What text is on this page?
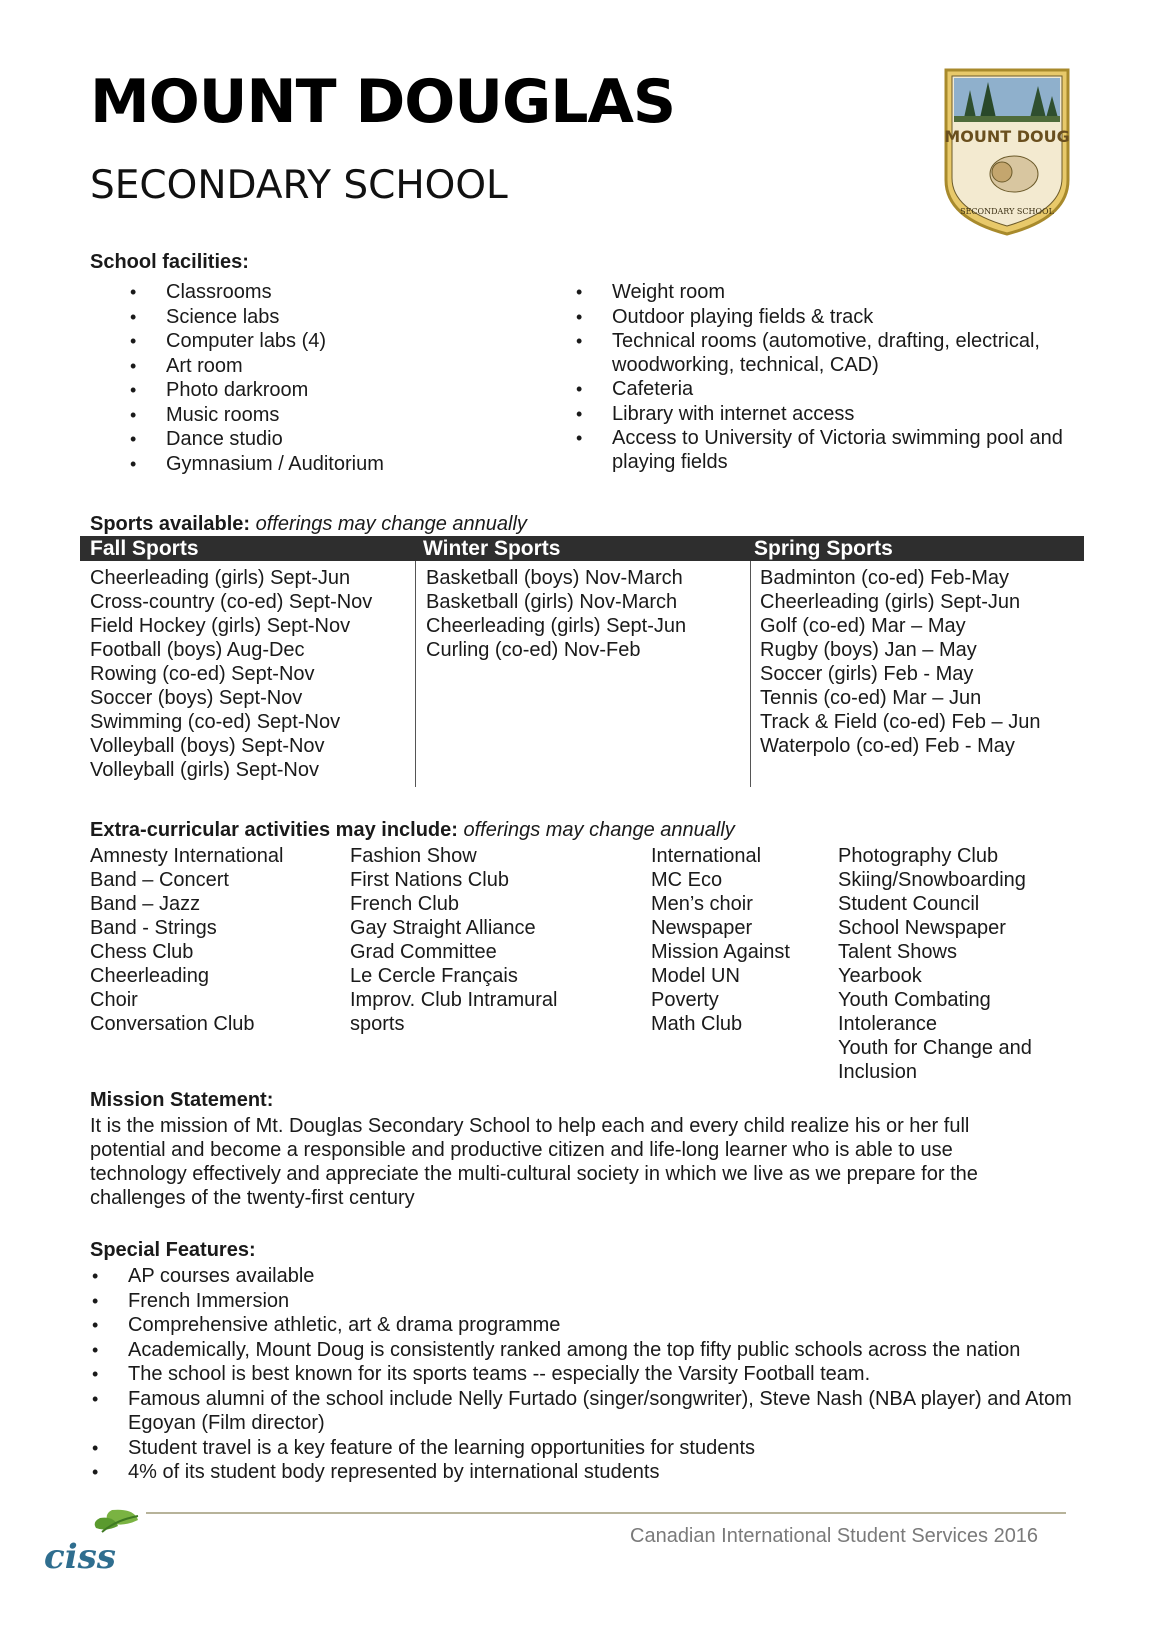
MOUNT DOUGLAS
SECONDARY SCHOOL
MOUNT DOUG
SECONDARY SCHOOL
School facilities:
• Classrooms
• Science labs
• Computer labs (4)
• Art room
• Photo darkroom
• Music rooms
• Dance studio
• Gymnasium / Auditorium
• Weight room
• Outdoor playing fields & track
• Technical rooms (automotive, drafting, electrical, woodworking, technical, CAD)
• Cafeteria
• Library with internet access
• Access to University of Victoria swimming pool and playing fields
Sports available: offerings may change annually
Fall Sports	Winter Sports	Spring Sports
Cheerleading (girls) Sept-Jun
Cross-country (co-ed) Sept-Nov
Field Hockey (girls) Sept-Nov
Football (boys) Aug-Dec
Rowing (co-ed) Sept-Nov
Soccer (boys) Sept-Nov
Swimming (co-ed) Sept-Nov
Volleyball (boys) Sept-Nov
Volleyball (girls) Sept-Nov
Basketball (boys) Nov-March
Basketball (girls) Nov-March
Cheerleading (girls) Sept-Jun
Curling (co-ed) Nov-Feb
Badminton (co-ed) Feb-May
Cheerleading (girls) Sept-Jun
Golf (co-ed) Mar – May
Rugby (boys) Jan – May
Soccer (girls) Feb - May
Tennis (co-ed) Mar – Jun
Track & Field (co-ed) Feb – Jun
Waterpolo (co-ed) Feb - May
Extra-curricular activities may include: offerings may change annually
Amnesty International
Band – Concert
Band – Jazz
Band - Strings
Chess Club
Cheerleading
Choir
Conversation Club
Fashion Show
First Nations Club
French Club
Gay Straight Alliance
Grad Committee
Le Cercle Français
Improv. Club Intramural
sports
International
MC Eco
Men’s choir
Newspaper
Mission Against
Model UN
Poverty
Math Club
Photography Club
Skiing/Snowboarding
Student Council
School Newspaper
Talent Shows
Yearbook
Youth Combating
Intolerance
Youth for Change and
Inclusion
Mission Statement:
It is the mission of Mt. Douglas Secondary School to help each and every child realize his or her full
potential and become a responsible and productive citizen and life-long learner who is able to use
technology effectively and appreciate the multi-cultural society in which we live as we prepare for the
challenges of the twenty-first century
Special Features:
• AP courses available
• French Immersion
• Comprehensive athletic, art & drama programme
• Academically, Mount Doug is consistently ranked among the top fifty public schools across the nation
• The school is best known for its sports teams -- especially the Varsity Football team.
• Famous alumni of the school include Nelly Furtado (singer/songwriter), Steve Nash (NBA player) and Atom Egoyan (Film director)
• Student travel is a key feature of the learning opportunities for students
• 4% of its student body represented by international students
ciss
Canadian International Student Services 2016
